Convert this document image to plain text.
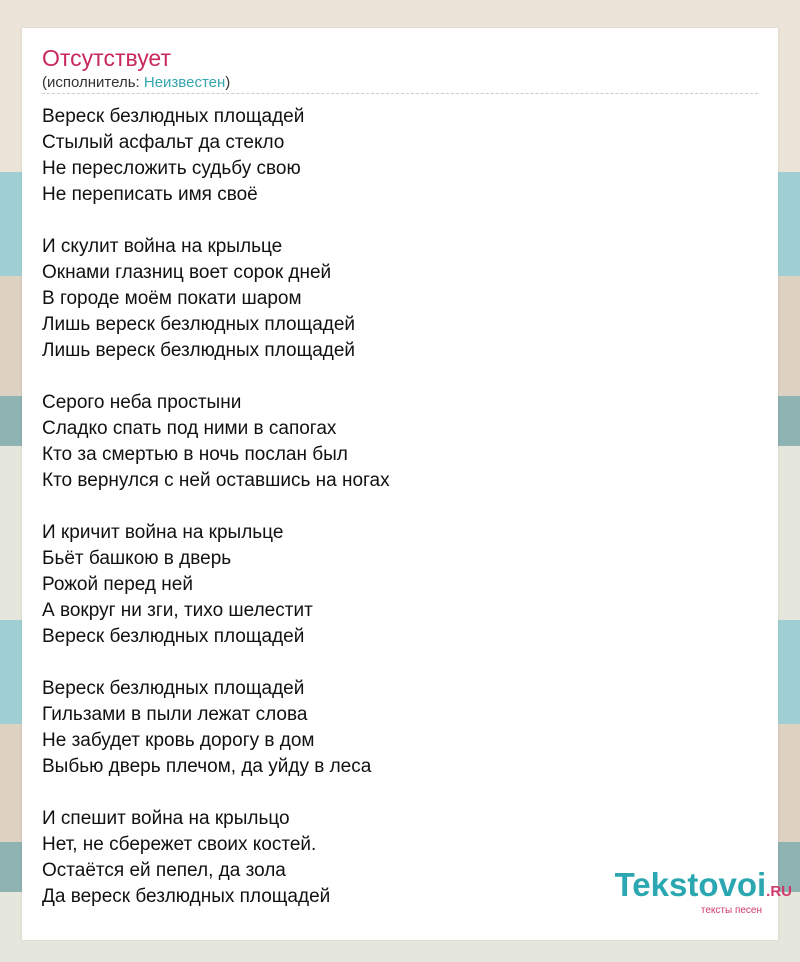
Отсутствует
(исполнитель: Неизвестен)
Вереск безлюдных площадей
Стылый асфальт да стекло
Не пересложить судьбу свою
Не переписать имя своё
И скулит война на крыльце
Окнами глазниц воет сорок дней
В городе моём покати шаром
Лишь вереск безлюдных площадей
Лишь вереск безлюдных площадей
Серого неба простыни
Сладко спать под ними в сапогах
Кто за смертью в ночь послан был
Кто вернулся с ней оставшись на ногах
И кричит война на крыльце
Бьёт башкою в дверь
Рожой перед ней
А вокруг ни зги, тихо шелестит
Вереск безлюдных площадей
Вереск безлюдных площадей
Гильзами в пыли лежат слова
Не забудет кровь дорогу в дом
Выбью дверь плечом, да уйду в леса
И спешит война на крыльцо
Нет, не сбережет своих костей.
Остаётся ей пепел, да зола
Да вереск безлюдных площадей	Tekstovoi.RU
тексты песен
